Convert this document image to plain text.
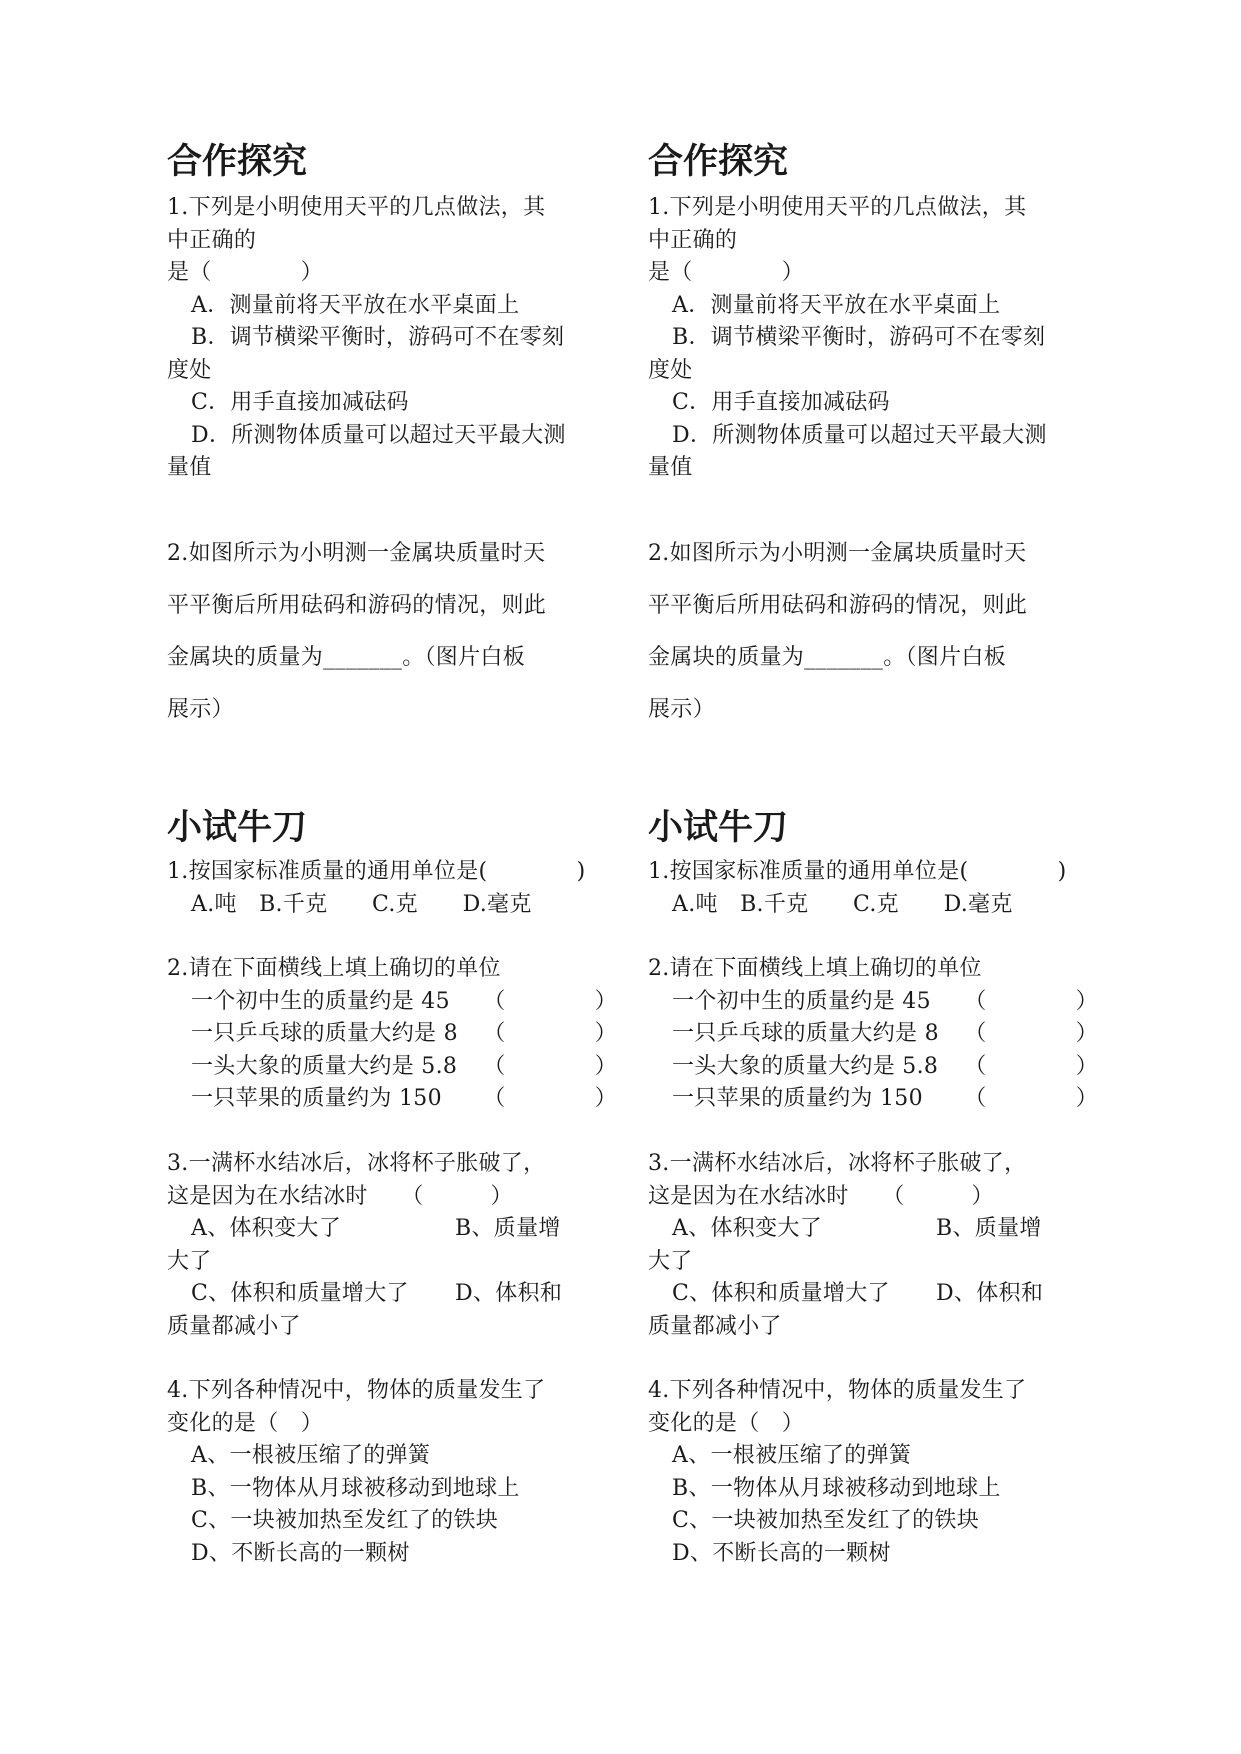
合作探究

1.下列是小明使用天平的几点做法，其

中正确的

是（　　　　）

A．测量前将天平放在水平桌面上

B．调节横梁平衡时，游码可不在零刻

度处

C．用手直接加减砝码

D．所测物体质量可以超过天平最大测

量值

2.如图所示为小明测一金属块质量时天

平平衡后所用砝码和游码的情况，则此

金属块的质量为_______。（图片白板

展示）

小试牛刀

1.按国家标准质量的通用单位是(　　　　)

A.吨　B.千克　　C.克　　D.毫克

2.请在下面横线上填上确切的单位

一个初中生的质量约是 45	（　　　　）
一只乒乓球的质量大约是 8	（　　　　）
一头大象的质量大约是 5.8	（　　　　）
一只苹果的质量约为 150	（　　　　）

3.一满杯水结冰后，冰将杯子胀破了，

这是因为在水结冰时　　（　　　）

A、体积变大了	B、质量增

大了

C、体积和质量增大了	D、体积和

质量都减小了

4.下列各种情况中，物体的质量发生了

变化的是（　）

A、一根被压缩了的弹簧

B、一物体从月球被移动到地球上

C、一块被加热至发红了的铁块

D、不断长高的一颗树

合作探究

1.下列是小明使用天平的几点做法，其

中正确的

是（　　　　）

A．测量前将天平放在水平桌面上

B．调节横梁平衡时，游码可不在零刻

度处

C．用手直接加减砝码

D．所测物体质量可以超过天平最大测

量值

2.如图所示为小明测一金属块质量时天

平平衡后所用砝码和游码的情况，则此

金属块的质量为_______。（图片白板

展示）

小试牛刀

1.按国家标准质量的通用单位是(　　　　)

A.吨　B.千克　　C.克　　D.毫克

2.请在下面横线上填上确切的单位

一个初中生的质量约是 45	（　　　　）
一只乒乓球的质量大约是 8	（　　　　）
一头大象的质量大约是 5.8	（　　　　）
一只苹果的质量约为 150	（　　　　）

3.一满杯水结冰后，冰将杯子胀破了，

这是因为在水结冰时　　（　　　）

A、体积变大了	B、质量增

大了

C、体积和质量增大了	D、体积和

质量都减小了

4.下列各种情况中，物体的质量发生了

变化的是（　）

A、一根被压缩了的弹簧

B、一物体从月球被移动到地球上

C、一块被加热至发红了的铁块

D、不断长高的一颗树
